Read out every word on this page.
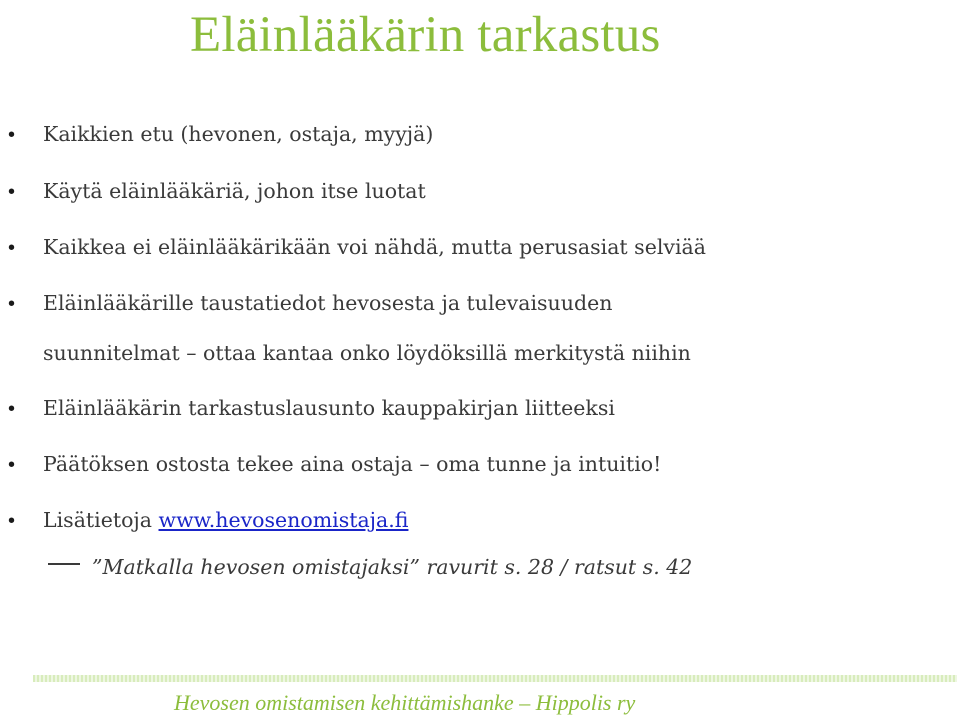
Eläinlääkärin tarkastus
• Kaikkien etu (hevonen, ostaja, myyjä)
• Käytä eläinlääkäriä, johon itse luotat
• Kaikkea ei eläinlääkärikään voi nähdä, mutta perusasiat selviää
• Eläinlääkärille taustatiedot hevosesta ja tulevaisuuden
suunnitelmat – ottaa kantaa onko löydöksillä merkitystä niihin
• Eläinlääkärin tarkastuslausunto kauppakirjan liitteeksi
• Päätöksen ostosta tekee aina ostaja – oma tunne ja intuitio!
• Lisätietoja www.hevosenomistaja.fi
”Matkalla hevosen omistajaksi” ravurit s. 28 / ratsut s. 42
Hevosen omistamisen kehittämishanke – Hippolis ry
